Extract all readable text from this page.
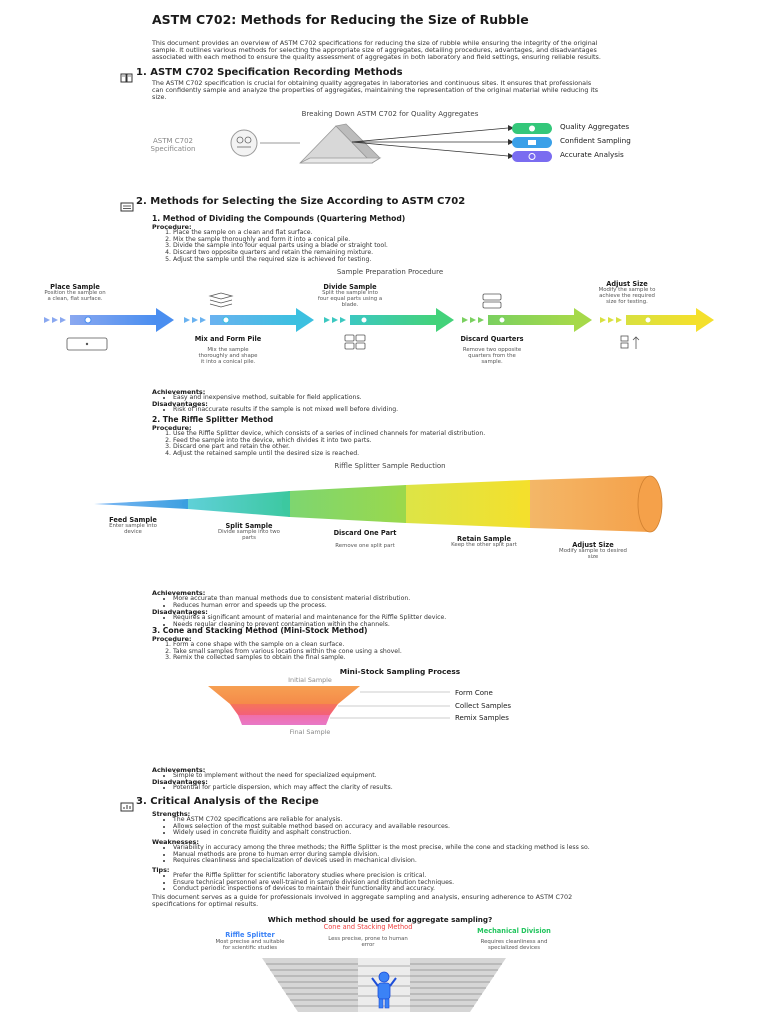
ASTM C702: Methods for Reducing the Size of Rubble
This document provides an overview of ASTM C702 specifications for reducing the size of rubble while ensuring the integrity of the original sample. It outlines various methods for selecting the appropriate size of aggregates, detailing procedures, advantages, and disadvantages associated with each method to ensure the quality assessment of aggregates in both laboratory and field settings, ensuring reliable results.
1. ASTM C702 Specification Recording Methods
The ASTM C702 specification is crucial for obtaining quality aggregates in laboratories and continuous sites. It ensures that professionals can confidently sample and analyze the properties of aggregates, maintaining the representation of the original material while reducing its size.
Breaking Down ASTM C702 for Quality Aggregates
ASTM C702 Specification
Quality Aggregates
Confident Sampling
Accurate Analysis
2. Methods for Selecting the Size According to ASTM C702
1. Method of Dividing the Compounds (Quartering Method)
Procedure:
1. Place the sample on a clean and flat surface.
2. Mix the sample thoroughly and form it into a conical pile.
3. Divide the sample into four equal parts using a blade or straight tool.
4. Discard two opposite quarters and retain the remaining mixture.
5. Adjust the sample until the required size is achieved for testing.
Sample Preparation Procedure
Place Sample
Position the sample on a clean, flat surface.
Divide Sample
Split the sample into four equal parts using a blade.
Adjust Size
Modify the sample to achieve the required size for testing.
Mix and Form Pile
Mix the sample thoroughly and shape it into a conical pile.
Discard Quarters
Remove two opposite quarters from the sample.
Achievements:
• Easy and inexpensive method, suitable for field applications.
Disadvantages:
• Risk of inaccurate results if the sample is not mixed well before dividing.
2. The Riffle Splitter Method
Procedure:
1. Use the Riffle Splitter device, which consists of a series of inclined channels for material distribution.
2. Feed the sample into the device, which divides it into two parts.
3. Discard one part and retain the other.
4. Adjust the retained sample until the desired size is reached.
Riffle Splitter Sample Reduction
Feed Sample
Enter sample into device
Split Sample
Divide sample into two parts
Discard One Part
Remove one split part
Retain Sample
Keep the other split part	Adjust Size
Modify sample to desired size
Achievements:
• More accurate than manual methods due to consistent material distribution.
• Reduces human error and speeds up the process.
Disadvantages:
• Requires a significant amount of material and maintenance for the Riffle Splitter device.
• Needs regular cleaning to prevent contamination within the channels.
3. Cone and Stacking Method (Mini-Stock Method)
Procedure:
1. Form a cone shape with the sample on a clean surface.
2. Take small samples from various locations within the cone using a shovel.
3. Remix the collected samples to obtain the final sample.
Mini-Stock Sampling Process
Initial Sample
Final Sample
Form Cone
Collect Samples
Remix Samples
Achievements:
• Simple to implement without the need for specialized equipment.
Disadvantages:
• Potential for particle dispersion, which may affect the clarity of results.
3. Critical Analysis of the Recipe
Strengths:
• The ASTM C702 specifications are reliable for analysis.
• Allows selection of the most suitable method based on accuracy and available resources.
• Widely used in concrete fluidity and asphalt construction.
Weaknesses:
• Variability in accuracy among the three methods; the Riffle Splitter is the most precise, while the cone and stacking method is less so.
• Manual methods are prone to human error during sample division.
• Requires cleanliness and specialization of devices used in mechanical division.
Tips:
• Prefer the Riffle Splitter for scientific laboratory studies where precision is critical.
• Ensure technical personnel are well-trained in sample division and distribution techniques.
• Conduct periodic inspections of devices to maintain their functionality and accuracy.
This document serves as a guide for professionals involved in aggregate sampling and analysis, ensuring adherence to ASTM C702 specifications for optimal results.
Which method should be used for aggregate sampling?
Riffle Splitter
Most precise and suitable for scientific studies
Cone and Stacking Method
Less precise, prone to human error
Mechanical Division
Requires cleanliness and specialized devices
